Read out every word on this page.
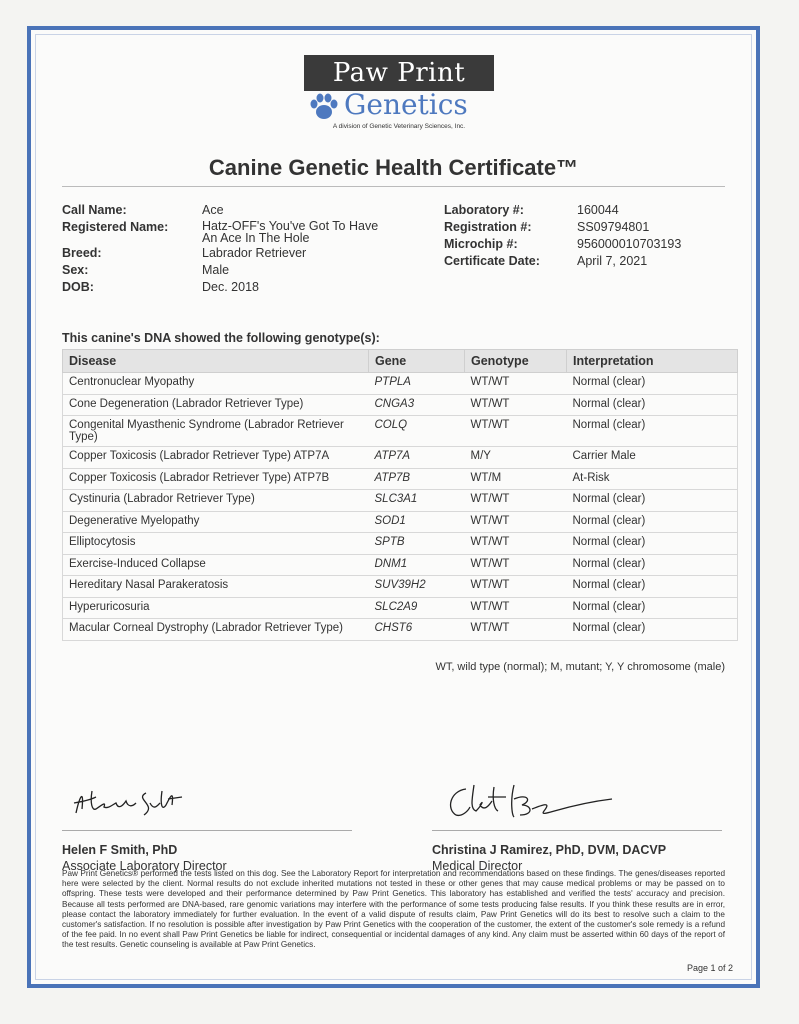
Paw Print
Genetics
A division of Genetic Veterinary Sciences, Inc.
Canine Genetic Health Certificate™
Call Name:	Ace
Registered Name:	Hatz-OFF's You've Got To Have An Ace In The Hole
Breed:	Labrador Retriever
Sex:	Male
DOB:	Dec. 2018
Laboratory #:	160044
Registration #:	SS09794801
Microchip #:	956000010703193
Certificate Date:	April 7, 2021
This canine's DNA showed the following genotype(s):
Disease	Gene	Genotype	Interpretation
Centronuclear Myopathy	PTPLA	WT/WT	Normal (clear)
Cone Degeneration (Labrador Retriever Type)	CNGA3	WT/WT	Normal (clear)
Congenital Myasthenic Syndrome (Labrador Retriever Type)	COLQ	WT/WT	Normal (clear)
Copper Toxicosis (Labrador Retriever Type) ATP7A	ATP7A	M/Y	Carrier Male
Copper Toxicosis (Labrador Retriever Type) ATP7B	ATP7B	WT/M	At-Risk
Cystinuria (Labrador Retriever Type)	SLC3A1	WT/WT	Normal (clear)
Degenerative Myelopathy	SOD1	WT/WT	Normal (clear)
Elliptocytosis	SPTB	WT/WT	Normal (clear)
Exercise-Induced Collapse	DNM1	WT/WT	Normal (clear)
Hereditary Nasal Parakeratosis	SUV39H2	WT/WT	Normal (clear)
Hyperuricosuria	SLC2A9	WT/WT	Normal (clear)
Macular Corneal Dystrophy (Labrador Retriever Type)	CHST6	WT/WT	Normal (clear)
WT, wild type (normal); M, mutant; Y, Y chromosome (male)
Helen F Smith, PhD
Associate Laboratory Director
Christina J Ramirez, PhD, DVM, DACVP
Medical Director
Paw Print Genetics® performed the tests listed on this dog. See the Laboratory Report for interpretation and recommendations based on these findings. The genes/diseases reported here were selected by the client. Normal results do not exclude inherited mutations not tested in these or other genes that may cause medical problems or may be passed on to offspring. These tests were developed and their performance determined by Paw Print Genetics. This laboratory has established and verified the tests' accuracy and precision. Because all tests performed are DNA-based, rare genomic variations may interfere with the performance of some tests producing false results. If you think these results are in error, please contact the laboratory immediately for further evaluation. In the event of a valid dispute of results claim, Paw Print Genetics will do its best to resolve such a claim to the customer's satisfaction. If no resolution is possible after investigation by Paw Print Genetics with the cooperation of the customer, the extent of the customer's sole remedy is a refund of the fee paid. In no event shall Paw Print Genetics be liable for indirect, consequential or incidental damages of any kind. Any claim must be asserted within 60 days of the report of the test results. Genetic counseling is available at Paw Print Genetics.
Page 1 of 2
